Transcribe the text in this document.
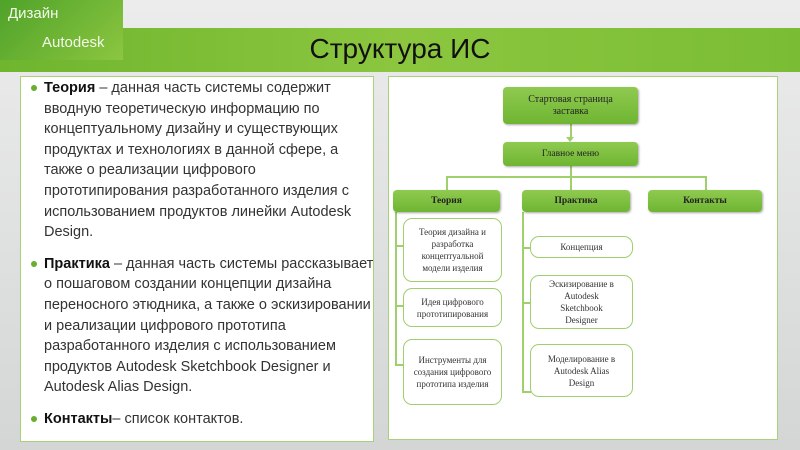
Дизайн
Autodesk	Структура ИС

Теория – данная часть системы содержит вводную теоретическую информацию по концептуальному дизайну и существующих продуктах и технологиях в данной сфере, а также о реализации цифрового прототипирования разработанного изделия с использованием продуктов линейки Autodesk Design.

Практика – данная часть системы рассказывает о пошаговом создании концепции дизайна переносного этюдника, а также о эскизировании и реализации цифрового прототипа разработанного изделия с использованием продуктов Autodesk Sketchbook Designer и Autodesk Alias Design.

Контакты– список контактов.

Стартовая страница заставка
Главное меню
Теория	Практика	Контакты
Теория дизайна и разработка концептуальной модели изделия
Идея цифрового прототипирования
Инструменты для создания цифрового прототипа изделия
Концепция
Эскизирование в Autodesk Sketchbook Designer
Моделирование в Autodesk Alias Design
